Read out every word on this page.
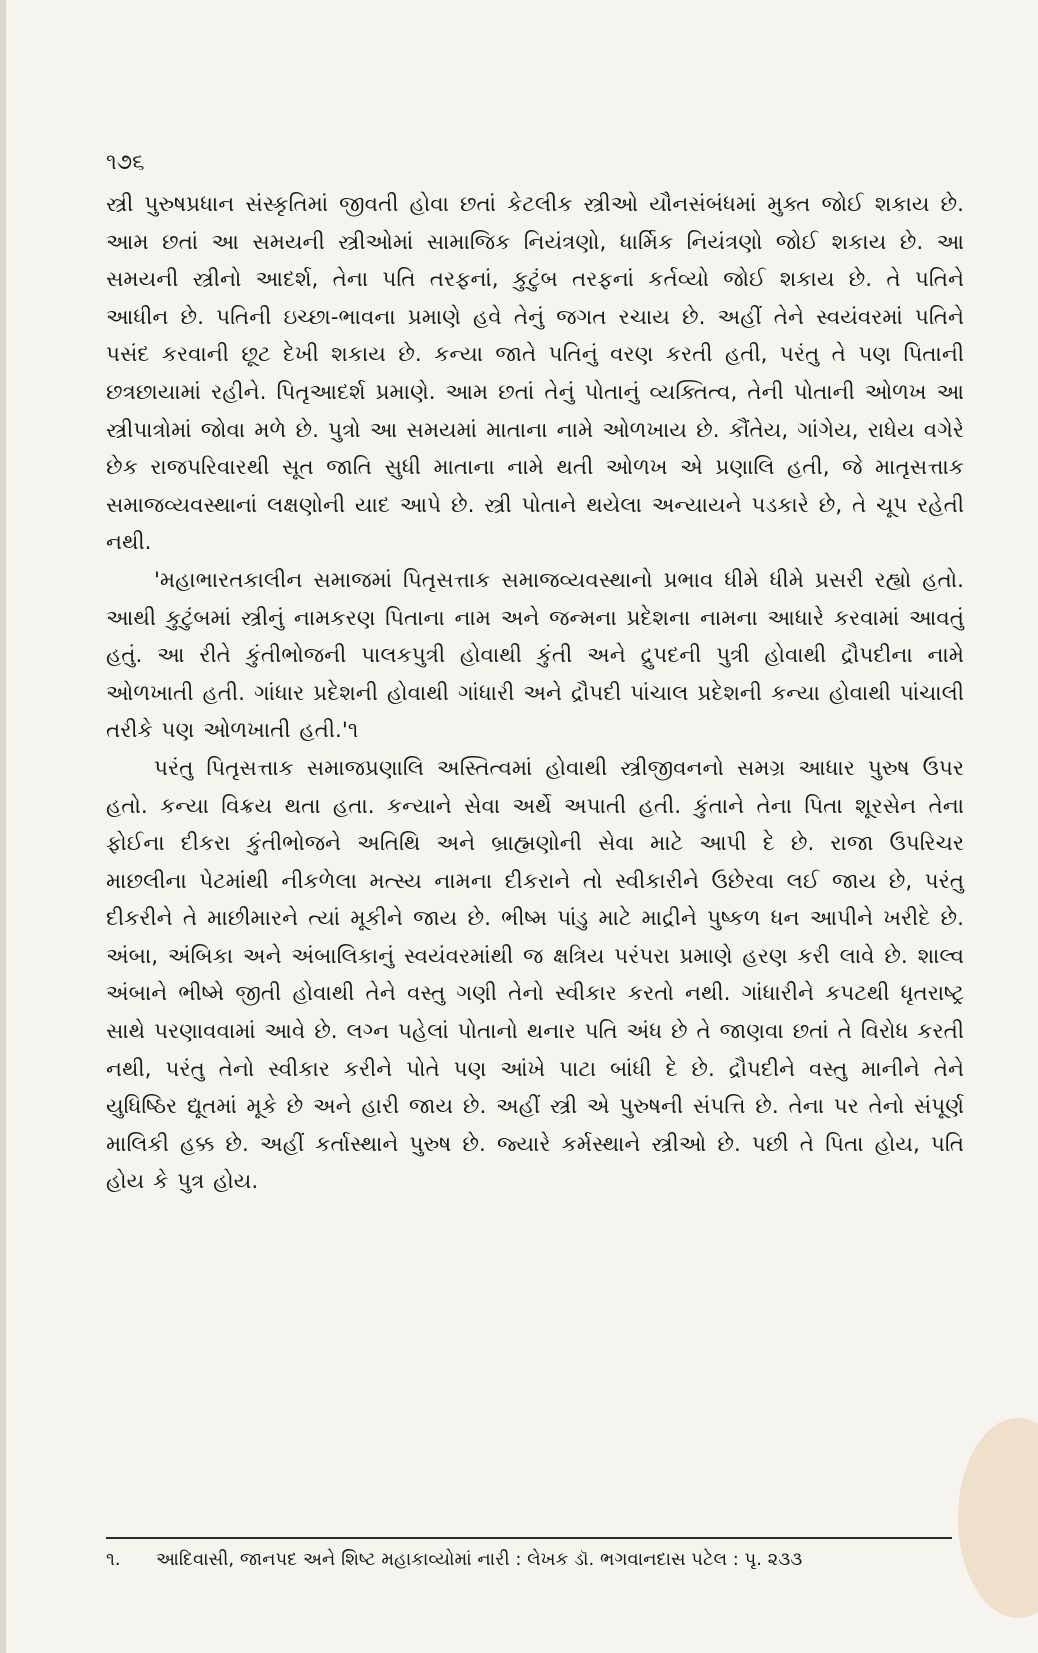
૧૭૬

સ્ત્રી પુરુષપ્રધાન સંસ્કૃતિમાં જીવતી હોવા છતાં કેટલીક સ્ત્રીઓ યૌનસંબંધમાં મુક્ત જોઈ શકાય છે. આમ છતાં આ સમયની સ્ત્રીઓમાં સામાજિક નિયંત્રણો, ધાર્મિક નિયંત્રણો જોઈ શકાય છે. આ સમયની સ્ત્રીનો આદર્શ, તેના પતિ તરફનાં, કુટુંબ તરફનાં કર્તવ્યો જોઈ શકાય છે. તે પતિને આધીન છે. પતિની ઇચ્છા-ભાવના પ્રમાણે હવે તેનું જગત રચાય છે. અહીં તેને સ્વયંવરમાં પતિને પસંદ કરવાની છૂટ દેખી શકાય છે. કન્યા જાતે પતિનું વરણ કરતી હતી, પરંતુ તે પણ પિતાની છત્રછાયામાં રહીને. પિતૃઆદર્શ પ્રમાણે. આમ છતાં તેનું પોતાનું વ્યક્તિત્વ, તેની પોતાની ઓળખ આ સ્ત્રીપાત્રોમાં જોવા મળે છે. પુત્રો આ સમયમાં માતાના નામે ઓળખાય છે. કૌંતેય, ગાંગેય, રાધેય વગેરે છેક રાજપરિવારથી સૂત જાતિ સુધી માતાના નામે થતી ઓળખ એ પ્રણાલિ હતી, જે માતૃસત્તાક સમાજવ્યવસ્થાનાં લક્ષણોની યાદ આપે છે. સ્ત્રી પોતાને થયેલા અન્યાયને પડકારે છે, તે ચૂપ રહેતી નથી.

'મહાભારતકાલીન સમાજમાં પિતૃસત્તાક સમાજવ્યવસ્થાનો પ્રભાવ ધીમે ધીમે પ્રસરી રહ્યો હતો. આથી કુટુંબમાં સ્ત્રીનું નામકરણ પિતાના નામ અને જન્મના પ્રદેશના નામના આધારે કરવામાં આવતું હતું. આ રીતે કુંતીભોજની પાલકપુત્રી હોવાથી કુંતી અને દ્રુપદની પુત્રી હોવાથી દ્રૌપદીના નામે ઓળખાતી હતી. ગાંધાર પ્રદેશની હોવાથી ગાંધારી અને દ્રૌપદી પાંચાલ પ્રદેશની કન્યા હોવાથી પાંચાલી તરીકે પણ ઓળખાતી હતી.'૧

પરંતુ પિતૃસત્તાક સમાજપ્રણાલિ અસ્તિત્વમાં હોવાથી સ્ત્રીજીવનનો સમગ્ર આધાર પુરુષ ઉપર હતો. કન્યા વિક્રય થતા હતા. કન્યાને સેવા અર્થે અપાતી હતી. કુંતાને તેના પિતા શૂરસેન તેના ફોઈના દીકરા કુંતીભોજને અતિથિ અને બ્રાહ્મણોની સેવા માટે આપી દે છે. રાજા ઉપરિચર માછલીના પેટમાંથી નીકળેલા મત્સ્ય નામના દીકરાને તો સ્વીકારીને ઉછેરવા લઈ જાય છે, પરંતુ દીકરીને તે માછીમારને ત્યાં મૂકીને જાય છે. ભીષ્મ પાંડુ માટે માદ્રીને પુષ્કળ ધન આપીને ખરીદે છે. અંબા, અંબિકા અને અંબાલિકાનું સ્વયંવરમાંથી જ ક્ષત્રિય પરંપરા પ્રમાણે હરણ કરી લાવે છે. શાલ્વ અંબાને ભીષ્મે જીતી હોવાથી તેને વસ્તુ ગણી તેનો સ્વીકાર કરતો નથી. ગાંધારીને કપટથી ધૃતરાષ્ટ્ર સાથે પરણાવવામાં આવે છે. લગ્ન પહેલાં પોતાનો થનાર પતિ અંધ છે તે જાણવા છતાં તે વિરોધ કરતી નથી, પરંતુ તેનો સ્વીકાર કરીને પોતે પણ આંખે પાટા બાંધી દે છે. દ્રૌપદીને વસ્તુ માનીને તેને યુધિષ્ઠિર દ્યૂતમાં મૂકે છે અને હારી જાય છે. અહીં સ્ત્રી એ પુરુષની સંપત્તિ છે. તેના પર તેનો સંપૂર્ણ માલિકી હક્ક છે. અહીં કર્તાસ્થાને પુરુષ છે. જ્યારે કર્મસ્થાને સ્ત્રીઓ છે. પછી તે પિતા હોય, પતિ હોય કે પુત્ર હોય.

૧. આદિવાસી, જાનપદ અને શિષ્ટ મહાકાવ્યોમાં નારી : લેખક ડૉ. ભગવાનદાસ પટેલ : પૃ. ૨૩૩
